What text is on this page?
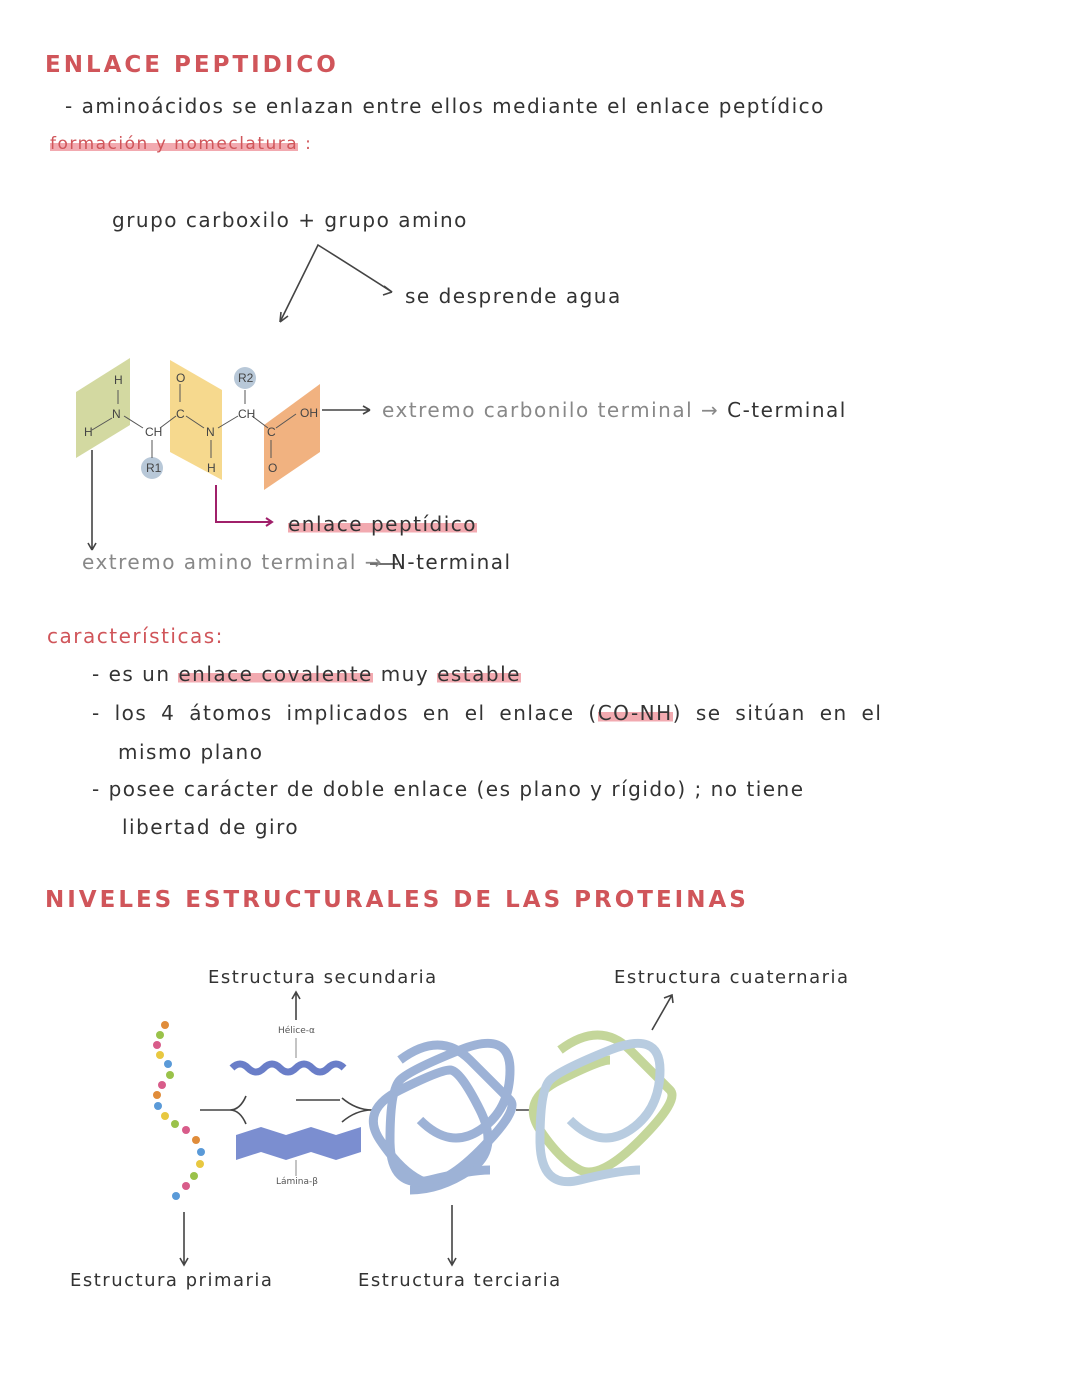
ENLACE PEPTIDICO
- aminoácidos se enlazan entre ellos mediante el enlace peptídico
formación y nomeclatura :
grupo carboxilo + grupo amino
se desprende agua
H
N
H
CH
R1
C
O
N
H
CH
R2
C
OH
O
extremo carbonilo terminal → C-terminal
enlace peptídico
extremo amino terminal → N-terminal
características:
- es un enlace covalente muy estable
- los 4 átomos implicados en el enlace (CO-NH) se sitúan en el
mismo plano
- posee carácter de doble enlace (es plano y rígido) ; no tiene
libertad de giro
NIVELES ESTRUCTURALES DE LAS PROTEINAS
Estructura secundaria	Estructura cuaternaria
Hélice-α
Lámina-β
Estructura primaria	Estructura terciaria
